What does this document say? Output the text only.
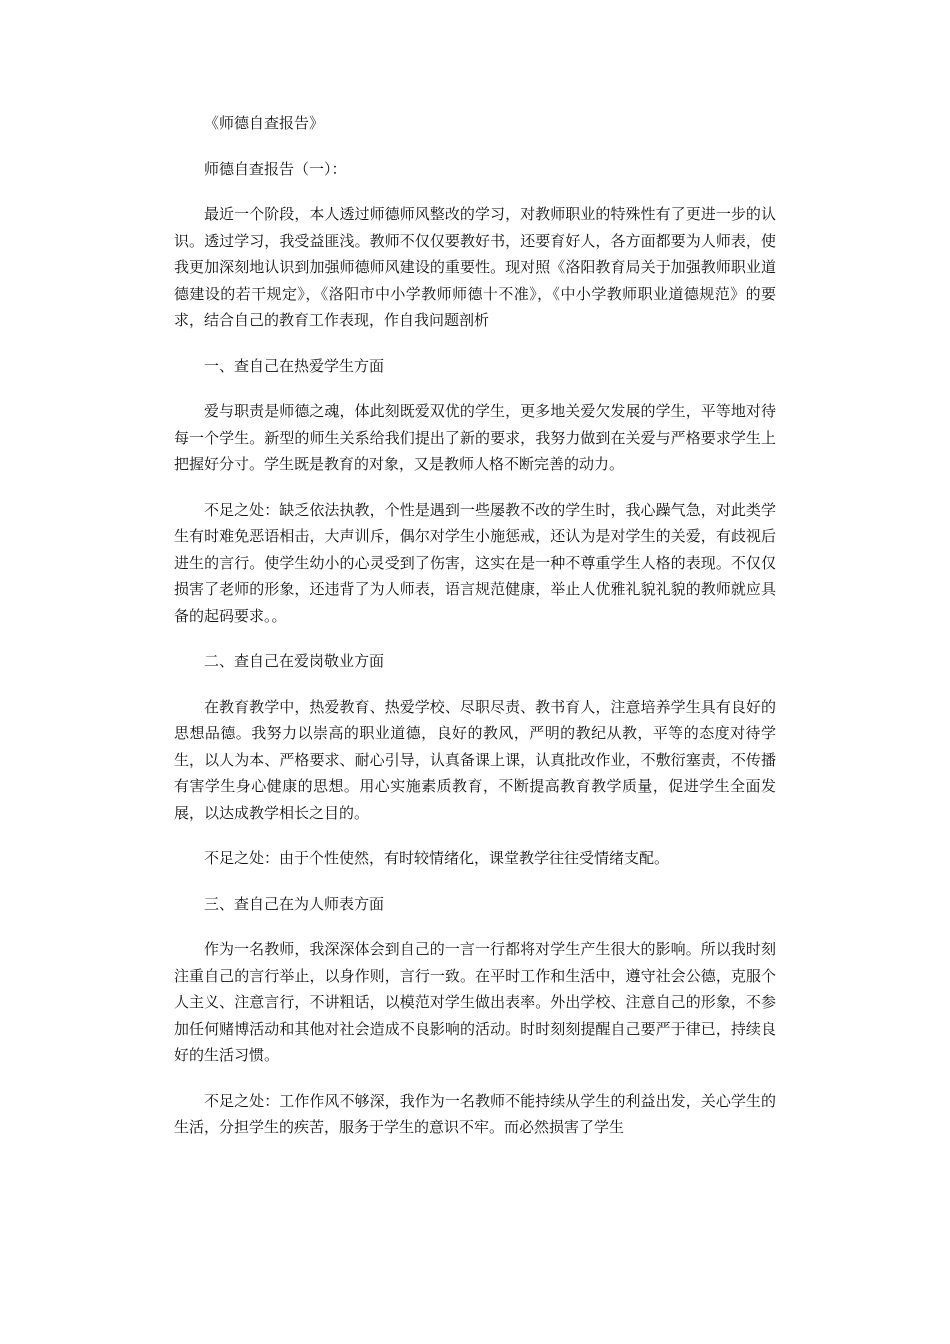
《师德自查报告》

师德自查报告（一）：

最近一个阶段，本人透过师德师风整改的学习，对教师职业的特殊性有了更进一步的认识。透过学习，我受益匪浅。教师不仅仅要教好书，还要育好人，各方面都要为人师表，使我更加深刻地认识到加强师德师风建设的重要性。现对照《洛阳教育局关于加强教师职业道德建设的若干规定》，《洛阳市中小学教师师德十不准》，《中小学教师职业道德规范》的要求，结合自己的教育工作表现，作自我问题剖析

一、查自己在热爱学生方面

爱与职责是师德之魂，体此刻既爱双优的学生，更多地关爱欠发展的学生，平等地对待每一个学生。新型的师生关系给我们提出了新的要求，我努力做到在关爱与严格要求学生上把握好分寸。学生既是教育的对象，又是教师人格不断完善的动力。

不足之处：缺乏依法执教，个性是遇到一些屡教不改的学生时，我心躁气急，对此类学生有时难免恶语相击，大声训斥，偶尔对学生小施惩戒，还认为是对学生的关爱，有歧视后进生的言行。使学生幼小的心灵受到了伤害，这实在是一种不尊重学生人格的表现。不仅仅损害了老师的形象，还违背了为人师表，语言规范健康，举止人优雅礼貌礼貌的教师就应具备的起码要求。。

二、查自己在爱岗敬业方面

在教育教学中，热爱教育、热爱学校、尽职尽责、教书育人，注意培养学生具有良好的思想品德。我努力以崇高的职业道德，良好的教风，严明的教纪从教，平等的态度对待学生，以人为本、严格要求、耐心引导，认真备课上课，认真批改作业，不敷衍塞责，不传播有害学生身心健康的思想。用心实施素质教育，不断提高教育教学质量，促进学生全面发展，以达成教学相长之目的。

不足之处：由于个性使然，有时较情绪化，课堂教学往往受情绪支配。

三、查自己在为人师表方面

作为一名教师，我深深体会到自己的一言一行都将对学生产生很大的影响。所以我时刻注重自己的言行举止，以身作则，言行一致。在平时工作和生活中，遵守社会公德，克服个人主义、注意言行，不讲粗话，以模范对学生做出表率。外出学校、注意自己的形象，不参加任何赌博活动和其他对社会造成不良影响的活动。时时刻刻提醒自己要严于律已，持续良好的生活习惯。

不足之处：工作作风不够深，我作为一名教师不能持续从学生的利益出发，关心学生的生活，分担学生的疾苦，服务于学生的意识不牢。而必然损害了学生
